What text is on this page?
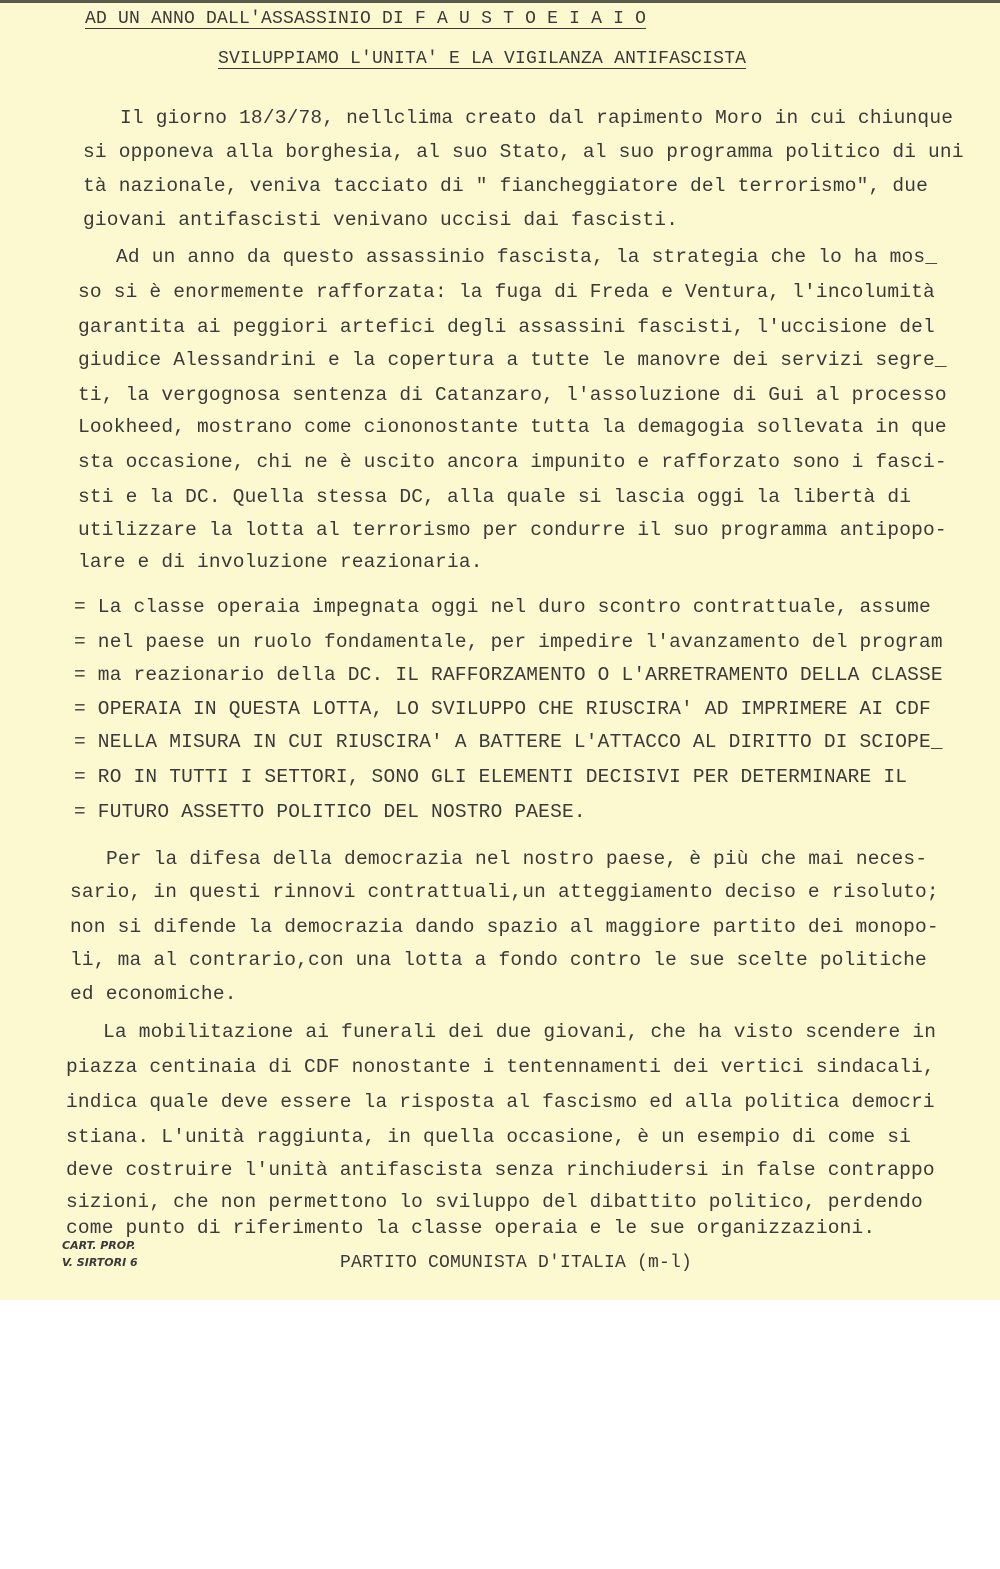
AD UN ANNO DALL'ASSASSINIO DI F A U S T O E I A I O
SVILUPPIAMO L'UNITA' E LA VIGILANZA ANTIFASCISTA
Il giorno 18/3/78, nellclima creato dal rapimento Moro in cui chiunque
si opponeva alla borghesia, al suo Stato, al suo programma politico di uni
tà nazionale, veniva tacciato di " fiancheggiatore del terrorismo", due
giovani antifascisti venivano uccisi dai fascisti.
Ad un anno da questo assassinio fascista, la strategia che lo ha mos_
so si è enormemente rafforzata: la fuga di Freda e Ventura, l'incolumità
garantita ai peggiori artefici degli assassini fascisti, l'uccisione del
giudice Alessandrini e la copertura a tutte le manovre dei servizi segre_
ti, la vergognosa sentenza di Catanzaro, l'assoluzione di Gui al processo
Lookheed, mostrano come ciononostante tutta la demagogia sollevata in que
sta occasione, chi ne è uscito ancora impunito e rafforzato sono i fasci-
sti e la DC. Quella stessa DC, alla quale si lascia oggi la libertà di
utilizzare la lotta al terrorismo per condurre il suo programma antipopo-
lare e di involuzione reazionaria.
= La classe operaia impegnata oggi nel duro scontro contrattuale, assume
= nel paese un ruolo fondamentale, per impedire l'avanzamento del program
= ma reazionario della DC. IL RAFFORZAMENTO O L'ARRETRAMENTO DELLA CLASSE
= OPERAIA IN QUESTA LOTTA, LO SVILUPPO CHE RIUSCIRA' AD IMPRIMERE AI CDF
= NELLA MISURA IN CUI RIUSCIRA' A BATTERE L'ATTACCO AL DIRITTO DI SCIOPE_
= RO IN TUTTI I SETTORI, SONO GLI ELEMENTI DECISIVI PER DETERMINARE IL
= FUTURO ASSETTO POLITICO DEL NOSTRO PAESE.
Per la difesa della democrazia nel nostro paese, è più che mai neces-
sario, in questi rinnovi contrattuali,un atteggiamento deciso e risoluto;
non si difende la democrazia dando spazio al maggiore partito dei monopo-
li, ma al contrario,con una lotta a fondo contro le sue scelte politiche
ed economiche.
La mobilitazione ai funerali dei due giovani, che ha visto scendere in
piazza centinaia di CDF nonostante i tentennamenti dei vertici sindacali,
indica quale deve essere la risposta al fascismo ed alla politica democri
stiana. L'unità raggiunta, in quella occasione, è un esempio di come si
deve costruire l'unità antifascista senza rinchiudersi in false contrappo
sizioni, che non permettono lo sviluppo del dibattito politico, perdendo
come punto di riferimento la classe operaia e le sue organizzazioni.
CART. PROP.
V. SIRTORI 6	PARTITO COMUNISTA D'ITALIA (m-l)
